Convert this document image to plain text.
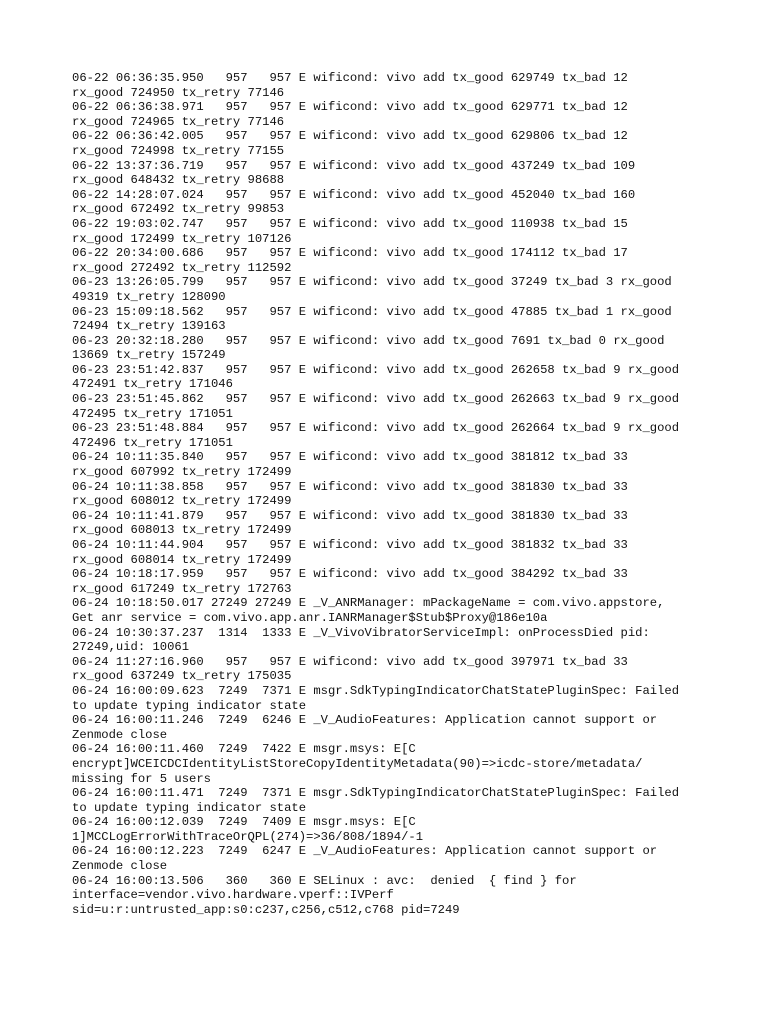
06-22 06:36:35.950   957   957 E wificond: vivo add tx_good 629749 tx_bad 12
rx_good 724950 tx_retry 77146
06-22 06:36:38.971   957   957 E wificond: vivo add tx_good 629771 tx_bad 12
rx_good 724965 tx_retry 77146
06-22 06:36:42.005   957   957 E wificond: vivo add tx_good 629806 tx_bad 12
rx_good 724998 tx_retry 77155
06-22 13:37:36.719   957   957 E wificond: vivo add tx_good 437249 tx_bad 109
rx_good 648432 tx_retry 98688
06-22 14:28:07.024   957   957 E wificond: vivo add tx_good 452040 tx_bad 160
rx_good 672492 tx_retry 99853
06-22 19:03:02.747   957   957 E wificond: vivo add tx_good 110938 tx_bad 15
rx_good 172499 tx_retry 107126
06-22 20:34:00.686   957   957 E wificond: vivo add tx_good 174112 tx_bad 17
rx_good 272492 tx_retry 112592
06-23 13:26:05.799   957   957 E wificond: vivo add tx_good 37249 tx_bad 3 rx_good
49319 tx_retry 128090
06-23 15:09:18.562   957   957 E wificond: vivo add tx_good 47885 tx_bad 1 rx_good
72494 tx_retry 139163
06-23 20:32:18.280   957   957 E wificond: vivo add tx_good 7691 tx_bad 0 rx_good
13669 tx_retry 157249
06-23 23:51:42.837   957   957 E wificond: vivo add tx_good 262658 tx_bad 9 rx_good
472491 tx_retry 171046
06-23 23:51:45.862   957   957 E wificond: vivo add tx_good 262663 tx_bad 9 rx_good
472495 tx_retry 171051
06-23 23:51:48.884   957   957 E wificond: vivo add tx_good 262664 tx_bad 9 rx_good
472496 tx_retry 171051
06-24 10:11:35.840   957   957 E wificond: vivo add tx_good 381812 tx_bad 33
rx_good 607992 tx_retry 172499
06-24 10:11:38.858   957   957 E wificond: vivo add tx_good 381830 tx_bad 33
rx_good 608012 tx_retry 172499
06-24 10:11:41.879   957   957 E wificond: vivo add tx_good 381830 tx_bad 33
rx_good 608013 tx_retry 172499
06-24 10:11:44.904   957   957 E wificond: vivo add tx_good 381832 tx_bad 33
rx_good 608014 tx_retry 172499
06-24 10:18:17.959   957   957 E wificond: vivo add tx_good 384292 tx_bad 33
rx_good 617249 tx_retry 172763
06-24 10:18:50.017 27249 27249 E _V_ANRManager: mPackageName = com.vivo.appstore,
Get anr service = com.vivo.app.anr.IANRManager$Stub$Proxy@186e10a
06-24 10:30:37.237  1314  1333 E _V_VivoVibratorServiceImpl: onProcessDied pid:
27249,uid: 10061
06-24 11:27:16.960   957   957 E wificond: vivo add tx_good 397971 tx_bad 33
rx_good 637249 tx_retry 175035
06-24 16:00:09.623  7249  7371 E msgr.SdkTypingIndicatorChatStatePluginSpec: Failed
to update typing indicator state
06-24 16:00:11.246  7249  6246 E _V_AudioFeatures: Application cannot support or
Zenmode close
06-24 16:00:11.460  7249  7422 E msgr.msys: E[C
encrypt]WCEICDCIdentityListStoreCopyIdentityMetadata(90)=>icdc-store/metadata/
missing for 5 users
06-24 16:00:11.471  7249  7371 E msgr.SdkTypingIndicatorChatStatePluginSpec: Failed
to update typing indicator state
06-24 16:00:12.039  7249  7409 E msgr.msys: E[C
1]MCCLogErrorWithTraceOrQPL(274)=>36/808/1894/-1
06-24 16:00:12.223  7249  6247 E _V_AudioFeatures: Application cannot support or
Zenmode close
06-24 16:00:13.506   360   360 E SELinux : avc:  denied  { find } for
interface=vendor.vivo.hardware.vperf::IVPerf
sid=u:r:untrusted_app:s0:c237,c256,c512,c768 pid=7249
